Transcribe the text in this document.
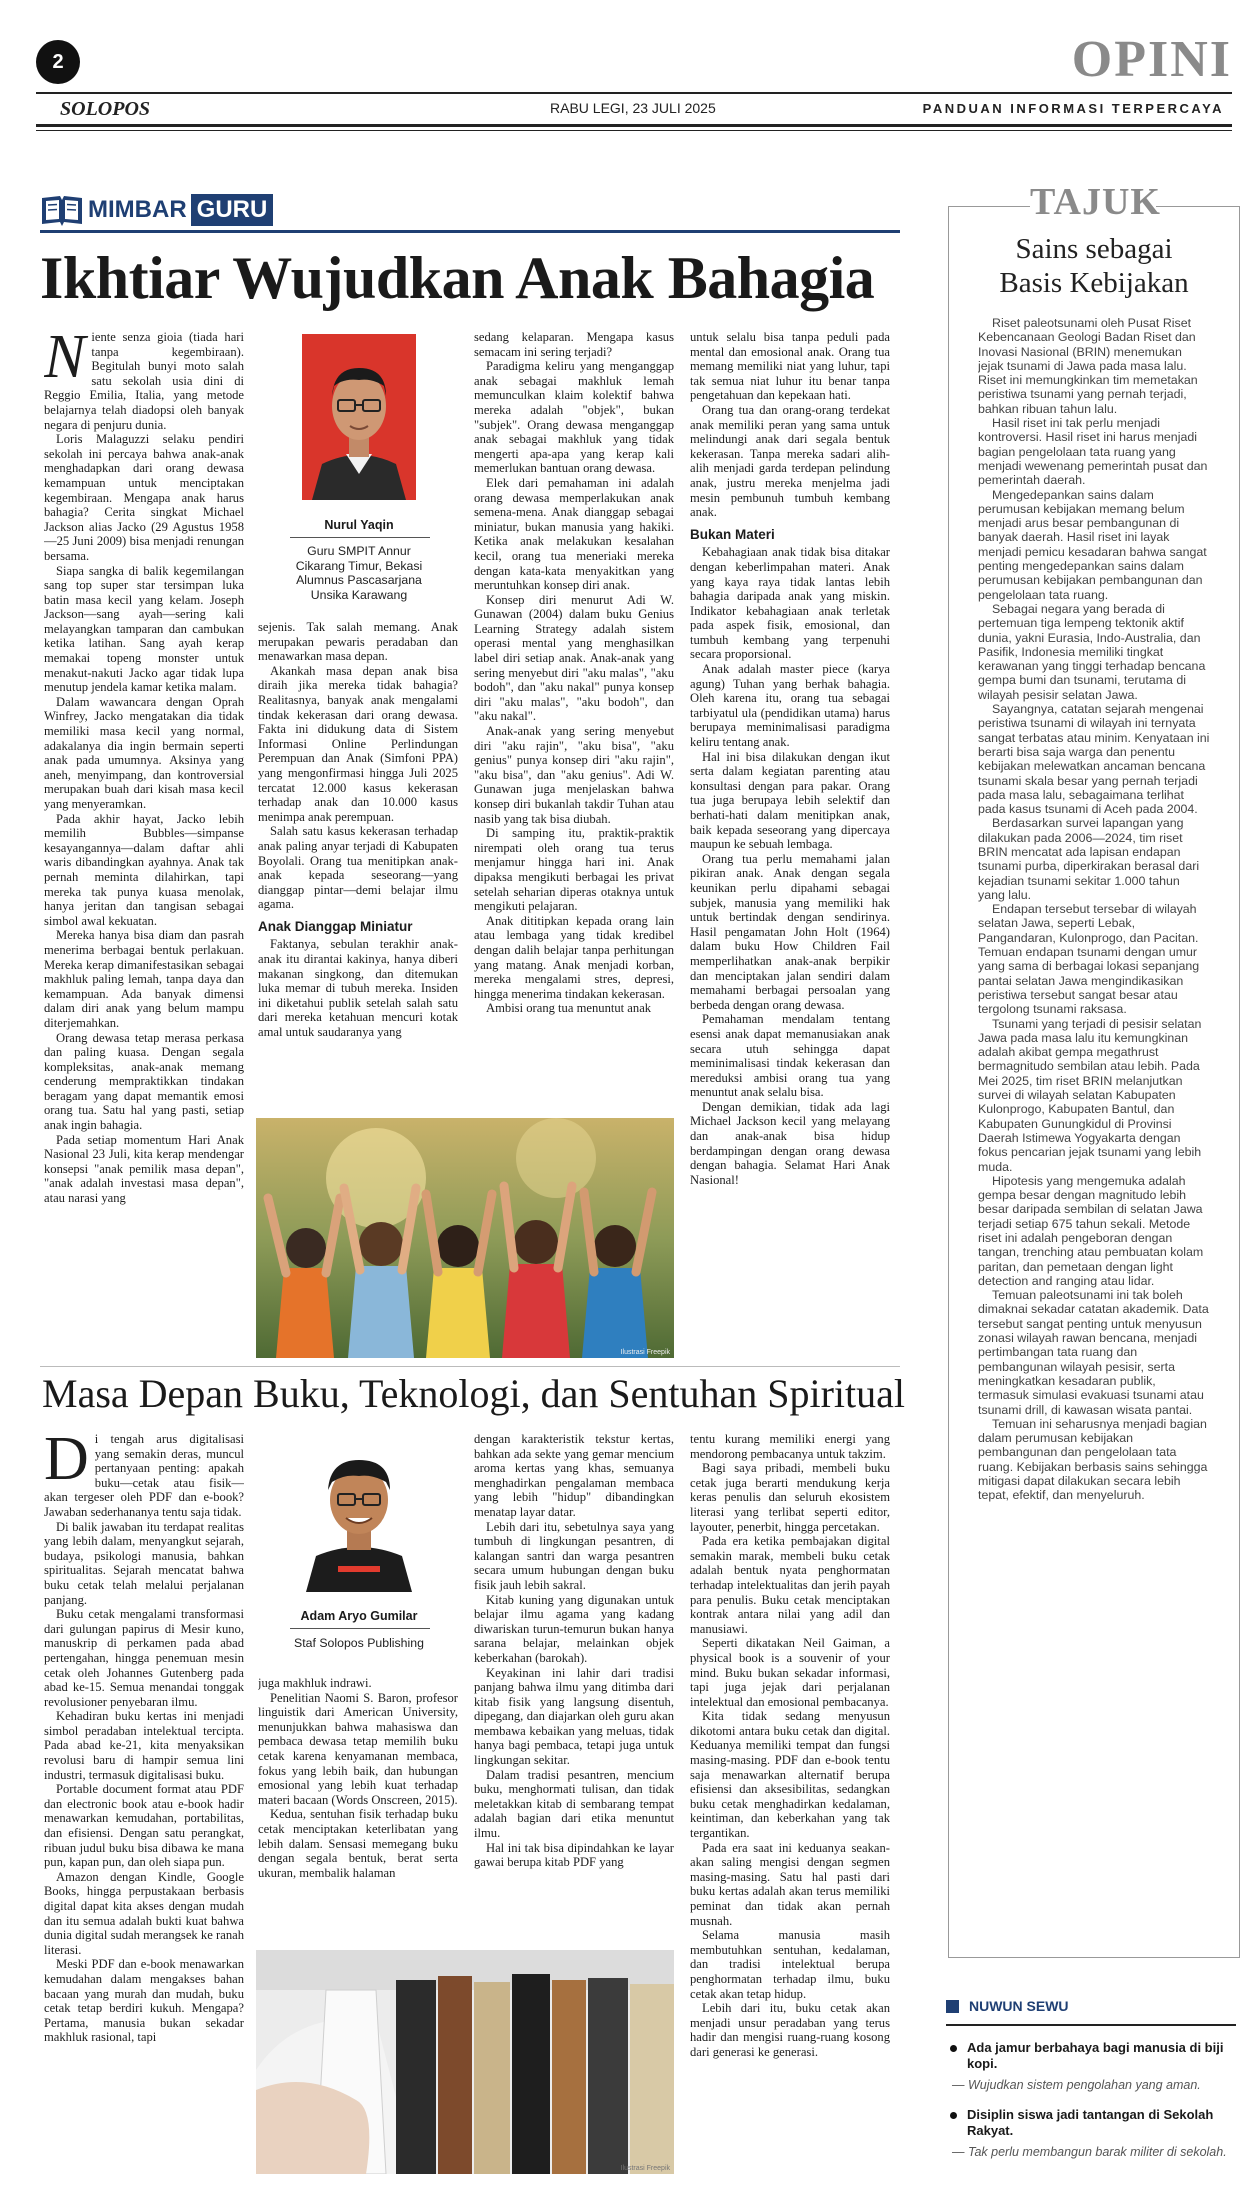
2	OPINI
SOLOPOS	RABU LEGI, 23 JULI 2025	PANDUAN INFORMASI TERPERCAYA
MIMBAR GURU
Ikhtiar Wujudkan Anak Bahagia
N iente senza gioia (tiada hari tanpa kegembiraan). Begitulah bunyi moto salah satu sekolah usia dini di Reggio Emilia, Italia, yang metode belajarnya telah diadopsi oleh banyak negara di penjuru dunia.

Loris Malaguzzi selaku pendiri sekolah ini percaya bahwa anak-anak menghadapkan dari orang dewasa kemampuan untuk menciptakan kegembiraan. Mengapa anak harus bahagia? Cerita singkat Michael Jackson alias Jacko (29 Agustus 1958—25 Juni 2009) bisa menjadi renungan bersama.

Siapa sangka di balik kegemilangan sang top super star tersimpan luka batin masa kecil yang kelam. Joseph Jackson—sang ayah—sering kali melayangkan tamparan dan cambukan ketika latihan. Sang ayah kerap memakai topeng monster untuk menakut-nakuti Jacko agar tidak lupa menutup jendela kamar ketika malam.

Dalam wawancara dengan Oprah Winfrey, Jacko mengatakan dia tidak memiliki masa kecil yang normal, adakalanya dia ingin bermain seperti anak pada umumnya. Aksinya yang aneh, menyimpang, dan kontroversial merupakan buah dari kisah masa kecil yang menyeramkan.

Pada akhir hayat, Jacko lebih memilih Bubbles—simpanse kesayangannya—dalam daftar ahli waris dibandingkan ayahnya. Anak tak pernah meminta dilahirkan, tapi mereka tak punya kuasa menolak, hanya jeritan dan tangisan sebagai simbol awal kekuatan.

Mereka hanya bisa diam dan pasrah menerima berbagai bentuk perlakuan. Mereka kerap dimanifestasikan sebagai makhluk paling lemah, tanpa daya dan kemampuan. Ada banyak dimensi dalam diri anak yang belum mampu diterjemahkan.

Orang dewasa tetap merasa perkasa dan paling kuasa. Dengan segala kompleksitas, anak-anak memang cenderung mempraktikkan tindakan beragam yang dapat memantik emosi orang tua. Satu hal yang pasti, setiap anak ingin bahagia.

Pada setiap momentum Hari Anak Nasional 23 Juli, kita kerap mendengar konsepsi "anak pemilik masa depan", "anak adalah investasi masa depan", atau narasi yang

Nurul Yaqin
Guru SMPIT Annur
Cikarang Timur, Bekasi
Alumnus Pascasarjana
Unsika Karawang

sejenis. Tak salah memang. Anak merupakan pewaris peradaban dan menawarkan masa depan.

Akankah masa depan anak bisa diraih jika mereka tidak bahagia? Realitasnya, banyak anak mengalami tindak kekerasan dari orang dewasa. Fakta ini didukung data di Sistem Informasi Online Perlindungan Perempuan dan Anak (Simfoni PPA) yang mengonfirmasi hingga Juli 2025 tercatat 12.000 kasus kekerasan terhadap anak dan 10.000 kasus menimpa anak perempuan.

Salah satu kasus kekerasan terhadap anak paling anyar terjadi di Kabupaten Boyolali. Orang tua menitipkan anak-anak kepada seseorang—yang dianggap pintar—demi belajar ilmu agama.

Anak Dianggap Miniatur

Faktanya, sebulan terakhir anak-anak itu dirantai kakinya, hanya diberi makanan singkong, dan ditemukan luka memar di tubuh mereka. Insiden ini diketahui publik setelah salah satu dari mereka ketahuan mencuri kotak amal untuk saudaranya yang

sedang kelaparan. Mengapa kasus semacam ini sering terjadi?

Paradigma keliru yang menganggap anak sebagai makhluk lemah memunculkan klaim kolektif bahwa mereka adalah "objek", bukan "subjek". Orang dewasa menganggap anak sebagai makhluk yang tidak mengerti apa-apa yang kerap kali memerlukan bantuan orang dewasa.

Elek dari pemahaman ini adalah orang dewasa memperlakukan anak semena-mena. Anak dianggap sebagai miniatur, bukan manusia yang hakiki. Ketika anak melakukan kesalahan kecil, orang tua meneriaki mereka dengan kata-kata menyakitkan yang meruntuhkan konsep diri anak.

Konsep diri menurut Adi W. Gunawan (2004) dalam buku Genius Learning Strategy adalah sistem operasi mental yang menghasilkan label diri setiap anak. Anak-anak yang sering menyebut diri "aku malas", "aku bodoh", dan "aku nakal" punya konsep diri "aku malas", "aku bodoh", dan "aku nakal".

Anak-anak yang sering menyebut diri "aku rajin", "aku bisa", "aku genius" punya konsep diri "aku rajin", "aku bisa", dan "aku genius". Adi W. Gunawan juga menjelaskan bahwa konsep diri bukanlah takdir Tuhan atau nasib yang tak bisa diubah.

Di samping itu, praktik-praktik nirempati oleh orang tua terus menjamur hingga hari ini. Anak dipaksa mengikuti berbagai les privat setelah seharian diperas otaknya untuk mengikuti pelajaran.

Anak dititipkan kepada orang lain atau lembaga yang tidak kredibel dengan dalih belajar tanpa perhitungan yang matang. Anak menjadi korban, mereka mengalami stres, depresi, hingga menerima tindakan kekerasan.

Ambisi orang tua menuntut anak

untuk selalu bisa tanpa peduli pada mental dan emosional anak. Orang tua memang memiliki niat yang luhur, tapi tak semua niat luhur itu benar tanpa pengetahuan dan kepekaan hati.

Orang tua dan orang-orang terdekat anak memiliki peran yang sama untuk melindungi anak dari segala bentuk kekerasan. Tanpa mereka sadari alih-alih menjadi garda terdepan pelindung anak, justru mereka menjelma jadi mesin pembunuh tumbuh kembang anak.

Bukan Materi

Kebahagiaan anak tidak bisa ditakar dengan keberlimpahan materi. Anak yang kaya raya tidak lantas lebih bahagia daripada anak yang miskin. Indikator kebahagiaan anak terletak pada aspek fisik, emosional, dan tumbuh kembang yang terpenuhi secara proporsional.

Anak adalah master piece (karya agung) Tuhan yang berhak bahagia. Oleh karena itu, orang tua sebagai tarbiyatul ula (pendidikan utama) harus berupaya meminimalisasi paradigma keliru tentang anak.

Hal ini bisa dilakukan dengan ikut serta dalam kegiatan parenting atau konsultasi dengan para pakar. Orang tua juga berupaya lebih selektif dan berhati-hati dalam menitipkan anak, baik kepada seseorang yang dipercaya maupun ke sebuah lembaga.

Orang tua perlu memahami jalan pikiran anak. Anak dengan segala keunikan perlu dipahami sebagai subjek, manusia yang memiliki hak untuk bertindak dengan sendirinya. Hasil pengamatan John Holt (1964) dalam buku How Children Fail memperlihatkan anak-anak berpikir dan menciptakan jalan sendiri dalam memahami berbagai persoalan yang berbeda dengan orang dewasa.

Pemahaman mendalam tentang esensi anak dapat memanusiakan anak secara utuh sehingga dapat meminimalisasi tindak kekerasan dan mereduksi ambisi orang tua yang menuntut anak selalu bisa.

Dengan demikian, tidak ada lagi Michael Jackson kecil yang melayang dan anak-anak bisa hidup berdampingan dengan orang dewasa dengan bahagia. Selamat Hari Anak Nasional!

Ilustrasi Freepik
Masa Depan Buku, Teknologi, dan Sentuhan Spiritual
D i tengah arus digitalisasi yang semakin deras, muncul pertanyaan penting: apakah buku—cetak atau fisik—akan tergeser oleh PDF dan e-book? Jawaban sederhananya tentu saja tidak.

Di balik jawaban itu terdapat realitas yang lebih dalam, menyangkut sejarah, budaya, psikologi manusia, bahkan spiritualitas. Sejarah mencatat bahwa buku cetak telah melalui perjalanan panjang.

Buku cetak mengalami transformasi dari gulungan papirus di Mesir kuno, manuskrip di perkamen pada abad pertengahan, hingga penemuan mesin cetak oleh Johannes Gutenberg pada abad ke-15. Semua menandai tonggak revolusioner penyebaran ilmu.

Kehadiran buku kertas ini menjadi simbol peradaban intelektual tercipta. Pada abad ke-21, kita menyaksikan revolusi baru di hampir semua lini industri, termasuk digitalisasi buku.

Portable document format atau PDF dan electronic book atau e-book hadir menawarkan kemudahan, portabilitas, dan efisiensi. Dengan satu perangkat, ribuan judul buku bisa dibawa ke mana pun, kapan pun, dan oleh siapa pun.

Amazon dengan Kindle, Google Books, hingga perpustakaan berbasis digital dapat kita akses dengan mudah dan itu semua adalah bukti kuat bahwa dunia digital sudah merangsek ke ranah literasi.

Meski PDF dan e-book menawarkan kemudahan dalam mengakses bahan bacaan yang murah dan mudah, buku cetak tetap berdiri kukuh. Mengapa? Pertama, manusia bukan sekadar makhluk rasional, tapi

Adam Aryo Gumilar
Staf Solopos Publishing

juga makhluk indrawi.

Penelitian Naomi S. Baron, profesor linguistik dari American University, menunjukkan bahwa mahasiswa dan pembaca dewasa tetap memilih buku cetak karena kenyamanan membaca, fokus yang lebih baik, dan hubungan emosional yang lebih kuat terhadap materi bacaan (Words Onscreen, 2015).

Kedua, sentuhan fisik terhadap buku cetak menciptakan keterlibatan yang lebih dalam. Sensasi memegang buku dengan segala bentuk, berat serta ukuran, membalik halaman

dengan karakteristik tekstur kertas, bahkan ada sekte yang gemar mencium aroma kertas yang khas, semuanya menghadirkan pengalaman membaca yang lebih "hidup" dibandingkan menatap layar datar.

Lebih dari itu, sebetulnya saya yang tumbuh di lingkungan pesantren, di kalangan santri dan warga pesantren secara umum hubungan dengan buku fisik jauh lebih sakral.

Kitab kuning yang digunakan untuk belajar ilmu agama yang kadang diwariskan turun-temurun bukan hanya sarana belajar, melainkan objek keberkahan (barokah).

Keyakinan ini lahir dari tradisi panjang bahwa ilmu yang ditimba dari kitab fisik yang langsung disentuh, dipegang, dan diajarkan oleh guru akan membawa kebaikan yang meluas, tidak hanya bagi pembaca, tetapi juga untuk lingkungan sekitar.

Dalam tradisi pesantren, mencium buku, menghormati tulisan, dan tidak meletakkan kitab di sembarang tempat adalah bagian dari etika menuntut ilmu.

Hal ini tak bisa dipindahkan ke layar gawai berupa kitab PDF yang

tentu kurang memiliki energi yang mendorong pembacanya untuk takzim.

Bagi saya pribadi, membeli buku cetak juga berarti mendukung kerja keras penulis dan seluruh ekosistem literasi yang terlibat seperti editor, layouter, penerbit, hingga percetakan.

Pada era ketika pembajakan digital semakin marak, membeli buku cetak adalah bentuk nyata penghormatan terhadap intelektualitas dan jerih payah para penulis. Buku cetak menciptakan kontrak antara nilai yang adil dan manusiawi.

Seperti dikatakan Neil Gaiman, a physical book is a souvenir of your mind. Buku bukan sekadar informasi, tapi juga jejak dari perjalanan intelektual dan emosional pembacanya.

Kita tidak sedang menyusun dikotomi antara buku cetak dan digital. Keduanya memiliki tempat dan fungsi masing-masing. PDF dan e-book tentu saja menawarkan alternatif berupa efisiensi dan aksesibilitas, sedangkan buku cetak menghadirkan kedalaman, keintiman, dan keberkahan yang tak tergantikan.

Pada era saat ini keduanya seakan-akan saling mengisi dengan segmen masing-masing. Satu hal pasti dari buku kertas adalah akan terus memiliki peminat dan tidak akan pernah musnah.

Selama manusia masih membutuhkan sentuhan, kedalaman, dan tradisi intelektual berupa penghormatan terhadap ilmu, buku cetak akan tetap hidup.

Lebih dari itu, buku cetak akan menjadi unsur peradaban yang terus hadir dan mengisi ruang-ruang kosong dari generasi ke generasi.

Ilustrasi Freepik
TAJUK
Sains sebagai
Basis Kebijakan

Riset paleotsunami oleh Pusat Riset Kebencanaan Geologi Badan Riset dan Inovasi Nasional (BRIN) menemukan jejak tsunami di Jawa pada masa lalu. Riset ini memungkinkan tim memetakan peristiwa tsunami yang pernah terjadi, bahkan ribuan tahun lalu.

Hasil riset ini tak perlu menjadi kontroversi. Hasil riset ini harus menjadi bagian pengelolaan tata ruang yang menjadi wewenang pemerintah pusat dan pemerintah daerah.

Mengedepankan sains dalam perumusan kebijakan memang belum menjadi arus besar pembangunan di banyak daerah. Hasil riset ini layak menjadi pemicu kesadaran bahwa sangat penting mengedepankan sains dalam perumusan kebijakan pembangunan dan pengelolaan tata ruang.

Sebagai negara yang berada di pertemuan tiga lempeng tektonik aktif dunia, yakni Eurasia, Indo-Australia, dan Pasifik, Indonesia memiliki tingkat kerawanan yang tinggi terhadap bencana gempa bumi dan tsunami, terutama di wilayah pesisir selatan Jawa.

Sayangnya, catatan sejarah mengenai peristiwa tsunami di wilayah ini ternyata sangat terbatas atau minim. Kenyataan ini berarti bisa saja warga dan penentu kebijakan melewatkan ancaman bencana tsunami skala besar yang pernah terjadi pada masa lalu, sebagaimana terlihat pada kasus tsunami di Aceh pada 2004.

Berdasarkan survei lapangan yang dilakukan pada 2006—2024, tim riset BRIN mencatat ada lapisan endapan tsunami purba, diperkirakan berasal dari kejadian tsunami sekitar 1.000 tahun yang lalu.

Endapan tersebut tersebar di wilayah selatan Jawa, seperti Lebak, Pangandaran, Kulonprogo, dan Pacitan. Temuan endapan tsunami dengan umur yang sama di berbagai lokasi sepanjang pantai selatan Jawa mengindikasikan peristiwa tersebut sangat besar atau tergolong tsunami raksasa.

Tsunami yang terjadi di pesisir selatan Jawa pada masa lalu itu kemungkinan adalah akibat gempa megathrust bermagnitudo sembilan atau lebih. Pada Mei 2025, tim riset BRIN melanjutkan survei di wilayah selatan Kabupaten Kulonprogo, Kabupaten Bantul, dan Kabupaten Gunungkidul di Provinsi Daerah Istimewa Yogyakarta dengan fokus pencarian jejak tsunami yang lebih muda.

Hipotesis yang mengemuka adalah gempa besar dengan magnitudo lebih besar daripada sembilan di selatan Jawa terjadi setiap 675 tahun sekali. Metode riset ini adalah pengeboran dengan tangan, trenching atau pembuatan kolam paritan, dan pemetaan dengan light detection and ranging atau lidar.

Temuan paleotsunami ini tak boleh dimaknai sekadar catatan akademik. Data tersebut sangat penting untuk menyusun zonasi wilayah rawan bencana, menjadi pertimbangan tata ruang dan pembangunan wilayah pesisir, serta meningkatkan kesadaran publik, termasuk simulasi evakuasi tsunami atau tsunami drill, di kawasan wisata pantai.

Temuan ini seharusnya menjadi bagian dalam perumusan kebijakan pembangunan dan pengelolaan tata ruang. Kebijakan berbasis sains sehingga mitigasi dapat dilakukan secara lebih tepat, efektif, dan menyeluruh.

NUWUN SEWU
Ada jamur berbahaya bagi manusia di biji kopi.
— Wujudkan sistem pengolahan yang aman.
Disiplin siswa jadi tantangan di Sekolah Rakyat.
— Tak perlu membangun barak militer di sekolah.
